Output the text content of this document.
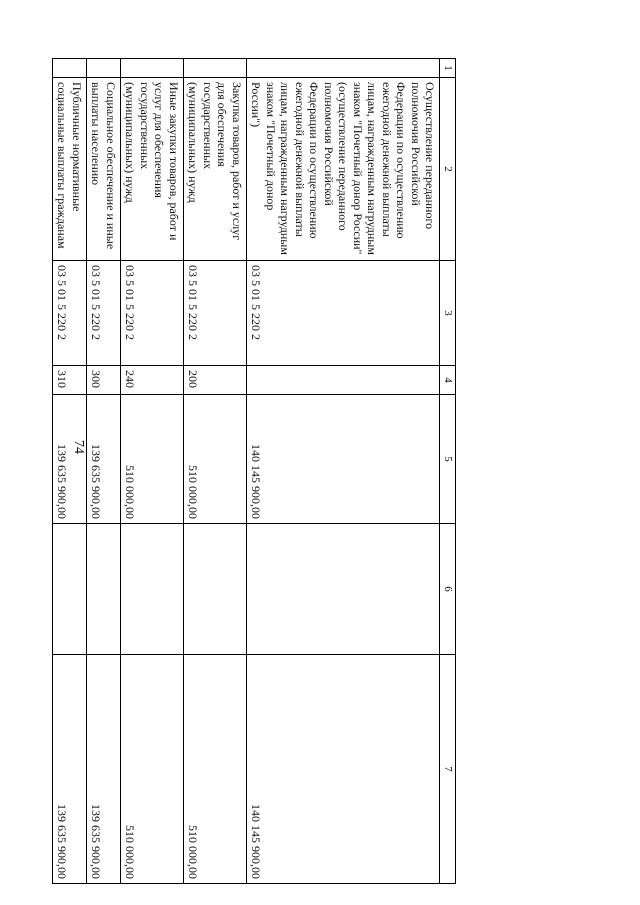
74
1	2	3	4	5	6	7
	Осуществление переданного полномочия Российской Федерации по осуществлению ежегодной денежной выплаты лицам, награжденным нагрудным знаком "Почетный донор России" (осуществление переданного полномочия Российской Федерации по осуществлению ежегодной денежной выплаты лицам, награжденным нагрудным знаком "Почетный донор России")	03 5 01 5 220 2		140 145 900,00		140 145 900,00
	Закупка товаров, работ и услуг для обеспечения государственных (муниципальных) нужд	03 5 01 5 220 2	200	510 000,00		510 000,00
	Иные закупки товаров, работ и услуг для обеспечения государственных (муниципальных) нужд	03 5 01 5 220 2	240	510 000,00		510 000,00
	Социальное обеспечение и иные выплаты населению	03 5 01 5 220 2	300	139 635 900,00		139 635 900,00
	Публичные нормативные социальные выплаты гражданам	03 5 01 5 220 2	310	139 635 900,00		139 635 900,00
